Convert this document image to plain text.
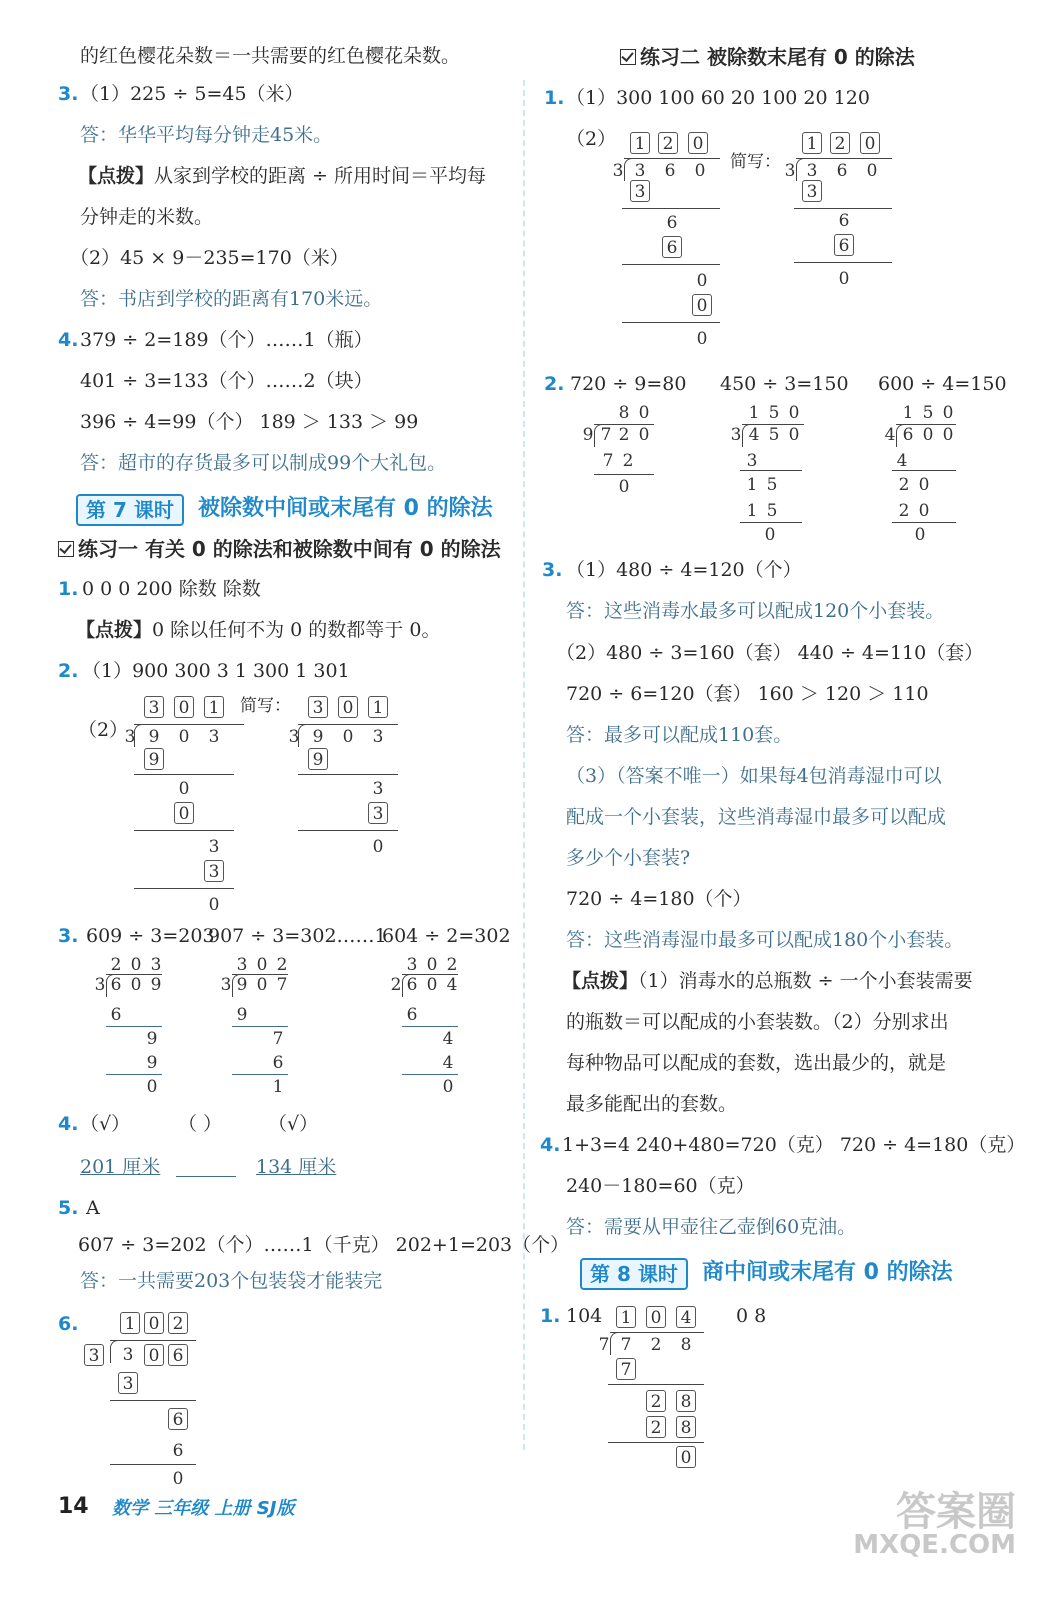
的红色樱花朵数＝一共需要的红色樱花朵数。
3. （1）225 ÷ 5=45（米）
答：华华平均每分钟走45米。
【点拨】从家到学校的距离 ÷ 所用时间＝平均每
分钟走的米数。
（2）45 × 9－235=170（米）
答：书店到学校的距离有170米远。
4. 379 ÷ 2=189（个）……1（瓶）
401 ÷ 3=133（个）……2（块）
396 ÷ 4=99（个） 189 ＞ 133 ＞ 99
答：超市的存货最多可以制成99个大礼包。
第 7 课时	被除数中间或末尾有 0 的除法
练习一 有关 0 的除法和被除数中间有 0 的除法
1. 0 0 0 200 除数 除数
【点拨】0 除以任何不为 0 的数都等于 0。
2. （1）900 300 3 1 300 1 301
（2）
简写：
3 0 1
3 9 0 3
9
0
0
3
3
0
3 0 1
3 9 0 3
9
3
3
0
3. 609 ÷ 3=203
907 ÷ 3=302……1
604 ÷ 2=302
2 0 3
3 6 0 9
6
9
9
0
3 0 2
3 9 0 7
9
7
6
1
3 0 2
2 6 0 4
6
4
4
0
4. （√）	（ ） （√）
201 厘米	134 厘米
5. A
607 ÷ 3=202（个）……1（千克） 202+1=203（个）
答：一共需要203个包装袋才能装完
6.	1 0 2
3 3 0 6
3
6
6
0
练习二 被除数末尾有 0 的除法
1. （1）300 100 60 20 100 20 120
（2）
简写：
1 2 0
3 3 6 0
3
6
6
0
0
0
1 2 0
3 3 6 0
3
6
6
0
2. 720 ÷ 9=80 450 ÷ 3=150 600 ÷ 4=150
8 0
9 7 2 0
7 2
0
1 5 0
3 4 5 0
3
1 5
1 5
0
1 5 0
4 6 0 0
4
2 0
2 0
0
3. （1）480 ÷ 4=120（个）
答：这些消毒水最多可以配成120个小套装。
（2）480 ÷ 3=160（套） 440 ÷ 4=110（套）
720 ÷ 6=120（套） 160 ＞ 120 ＞ 110
答：最多可以配成110套。
（3）（答案不唯一）如果每4包消毒湿巾可以
配成一个小套装，这些消毒湿巾最多可以配成
多少个小套装?
720 ÷ 4=180（个）
答：这些消毒湿巾最多可以配成180个小套装。
【点拨】（1）消毒水的总瓶数 ÷ 一个小套装需要
的瓶数＝可以配成的小套装数。（2）分别求出
每种物品可以配成的套数，选出最少的，就是
最多能配出的套数。
4. 1+3=4 240+480=720（克） 720 ÷ 4=180（克）
240－180=60（克）
答：需要从甲壶往乙壶倒60克油。
第 8 课时	商中间或末尾有 0 的除法
1. 104	0 8
1 0 4
7 7 2 8
7
2 8
2 8
0
14 数学 三年级 上册 SJ版	答案圈
MXQE.COM
